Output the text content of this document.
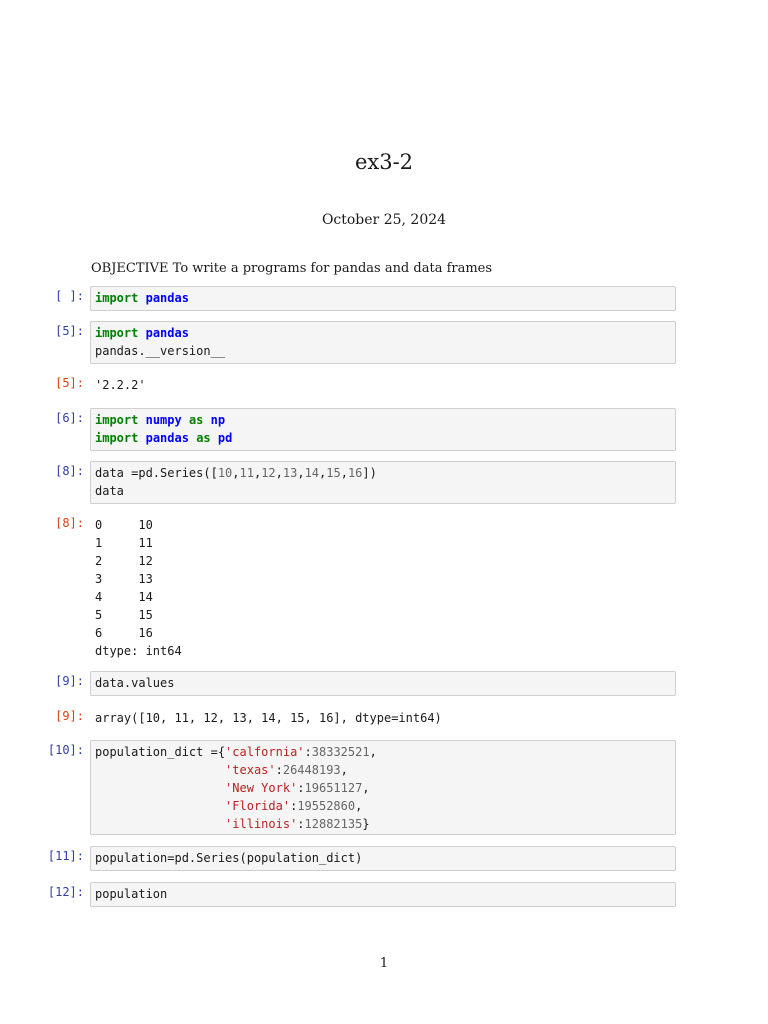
ex3-2
October 25, 2024
OBJECTIVE To write a programs for pandas and data frames
[ ]: import pandas
[5]: import pandas
pandas.__version__
[5]: '2.2.2'
[6]: import numpy as np
import pandas as pd
[8]: data =pd.Series([10,11,12,13,14,15,16])
data
[8]: 0     10
1     11
2     12
3     13
4     14
5     15
6     16
dtype: int64
[9]: data.values
[9]: array([10, 11, 12, 13, 14, 15, 16], dtype=int64)
[10]: population_dict ={'calfornia':38332521,
'texas':26448193,
'New York':19651127,
'Florida':19552860,
'illinois':12882135}
[11]: population=pd.Series(population_dict)
[12]: population
1
